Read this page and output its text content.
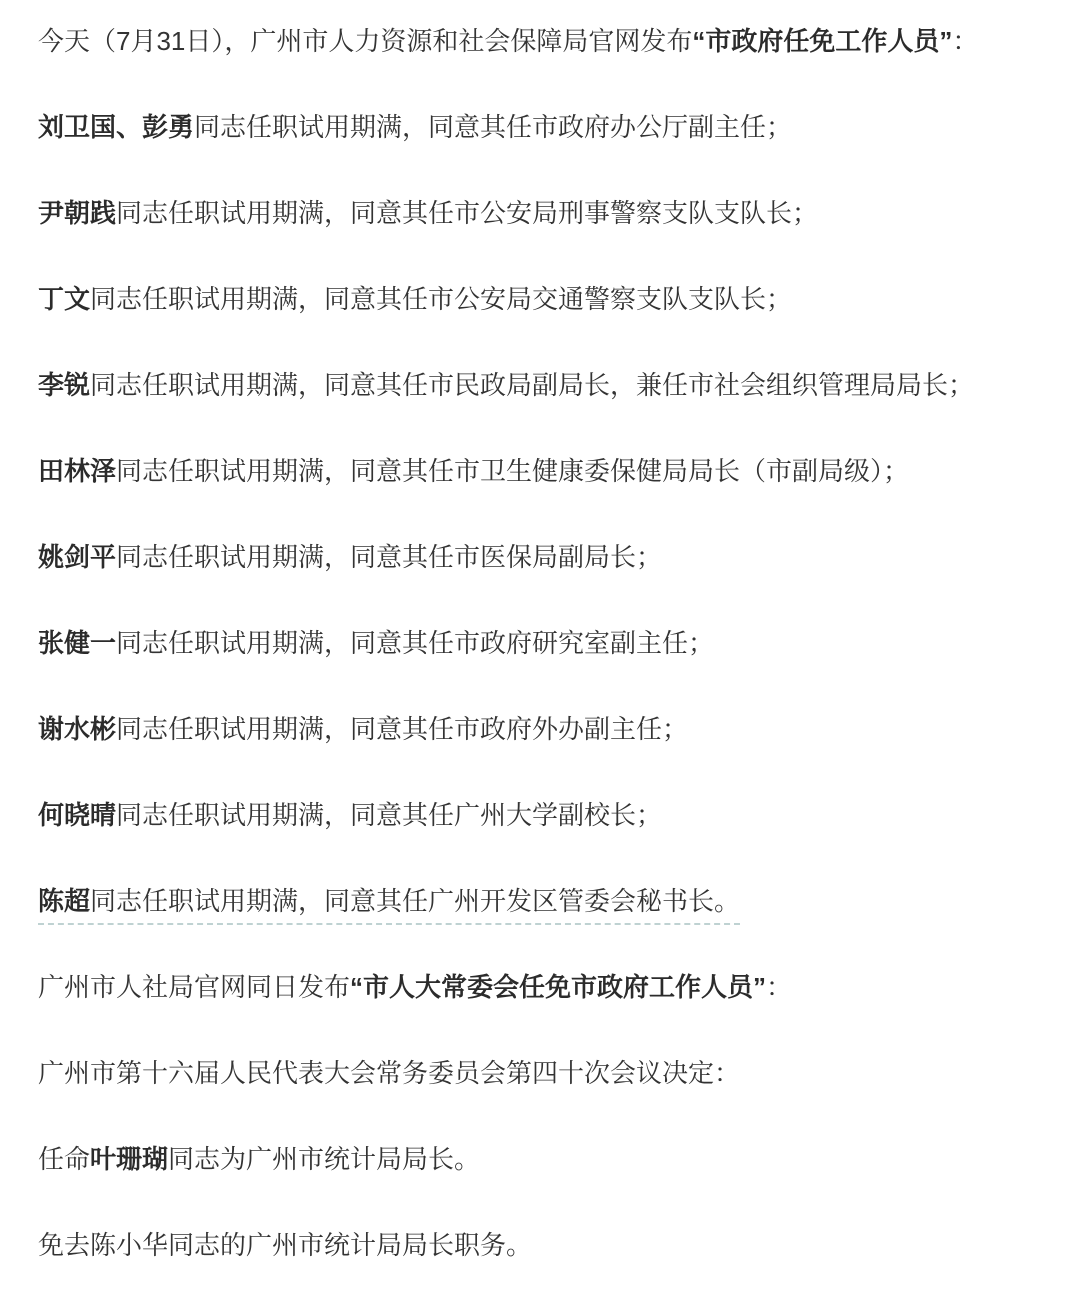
今天（7月31日），广州市人力资源和社会保障局官网发布“市政府任免工作人员”：

刘卫国、彭勇同志任职试用期满，同意其任市政府办公厅副主任；

尹朝践同志任职试用期满，同意其任市公安局刑事警察支队支队长；

丁文同志任职试用期满，同意其任市公安局交通警察支队支队长；

李锐同志任职试用期满，同意其任市民政局副局长，兼任市社会组织管理局局长；

田林泽同志任职试用期满，同意其任市卫生健康委保健局局长（市副局级）；

姚剑平同志任职试用期满，同意其任市医保局副局长；

张健一同志任职试用期满，同意其任市政府研究室副主任；

谢水彬同志任职试用期满，同意其任市政府外办副主任；

何晓晴同志任职试用期满，同意其任广州大学副校长；

陈超同志任职试用期满，同意其任广州开发区管委会秘书长。

广州市人社局官网同日发布“市人大常委会任免市政府工作人员”：

广州市第十六届人民代表大会常务委员会第四十次会议决定：

任命叶珊瑚同志为广州市统计局局长。

免去陈小华同志的广州市统计局局长职务。
